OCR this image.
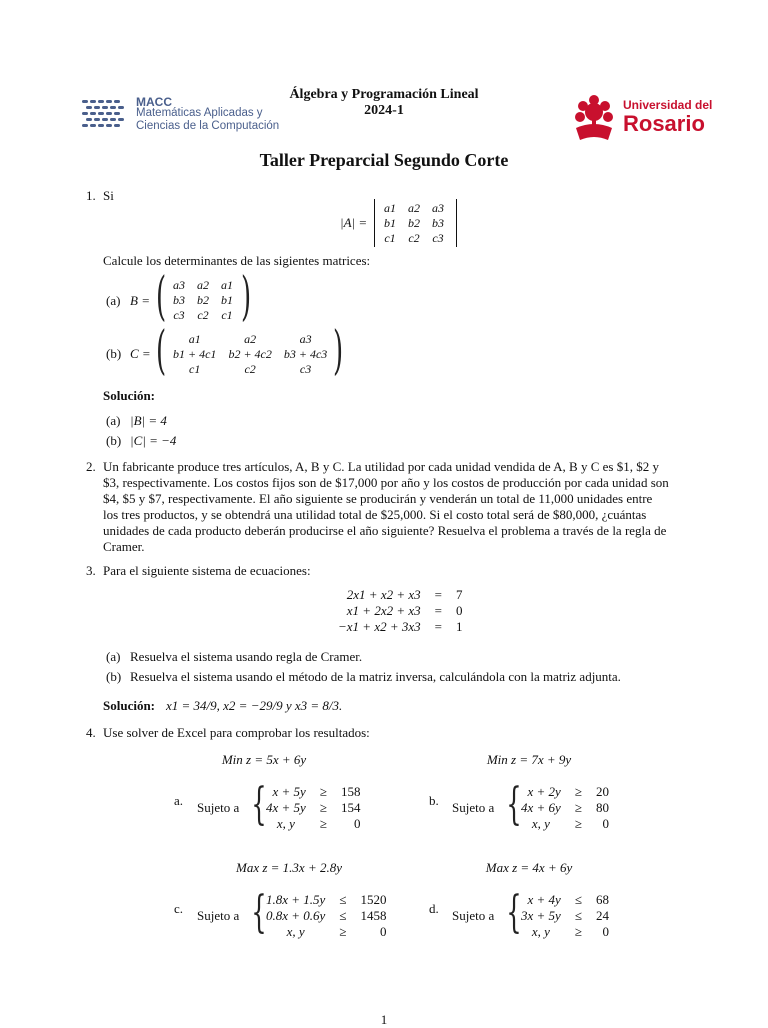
MACC
Matemáticas Aplicadas y
Ciencias de la Computación
Álgebra y Programación Lineal
2024-1	Universidad del
Rosario
Taller Preparcial Segundo Corte
1. Si
|A| =
a1	a2	a3
b1	b2	b3
c1	c2	c3
Calcule los determinantes de las sigientes matrices:
(a) B = ( a3	a2	a1
b3	b2	b1
c3	c2	c1 )
(b) C = ( a1	a2	a3
b1 + 4c1	b2 + 4c2	b3 + 4c3
c1	c2	c3 )
Solución:
(a) |B| = 4
(b) |C| = −4
2. Un fabricante produce tres artículos, A, B y C. La utilidad por cada unidad vendida de A, B y C es $1, $2 y
$3, respectivamente. Los costos fijos son de $17,000 por año y los costos de producción por cada unidad son
$4, $5 y $7, respectivamente. El año siguiente se producirán y venderán un total de 11,000 unidades entre
los tres productos, y se obtendrá una utilidad total de $25,000. Si el costo total será de $80,000, ¿cuántas
unidades de cada producto deberán producirse el año siguiente? Resuelva el problema a través de la regla de
Cramer.
3. Para el siguiente sistema de ecuaciones:
2x1 + x2 + x3	=	7
x1 + 2x2 + x3	=	0
−x1 + x2 + 3x3	=	1
(a) Resuelva el sistema usando regla de Cramer.
(b) Resuelva el sistema usando el método de la matriz inversa, calculándola con la matriz adjunta.
Solución: x1 = 34/9, x2 = −29/9 y x3 = 8/3.
4. Use solver de Excel para comprobar los resultados:
Min z = 5x + 6y
a. Sujeto a { x + 5y	≥	158
4x + 5y	≥	154
x, y	≥	0
Min z = 7x + 9y
b. Sujeto a { x + 2y	≥	20
4x + 6y	≥	80
x, y	≥	0
Max z = 1.3x + 2.8y
c. Sujeto a { 1.8x + 1.5y	≤	1520
0.8x + 0.6y	≤	1458
x, y	≥	0
Max z = 4x + 6y
d. Sujeto a { x + 4y	≤	68
3x + 5y	≤	24
x, y	≥	0
1
